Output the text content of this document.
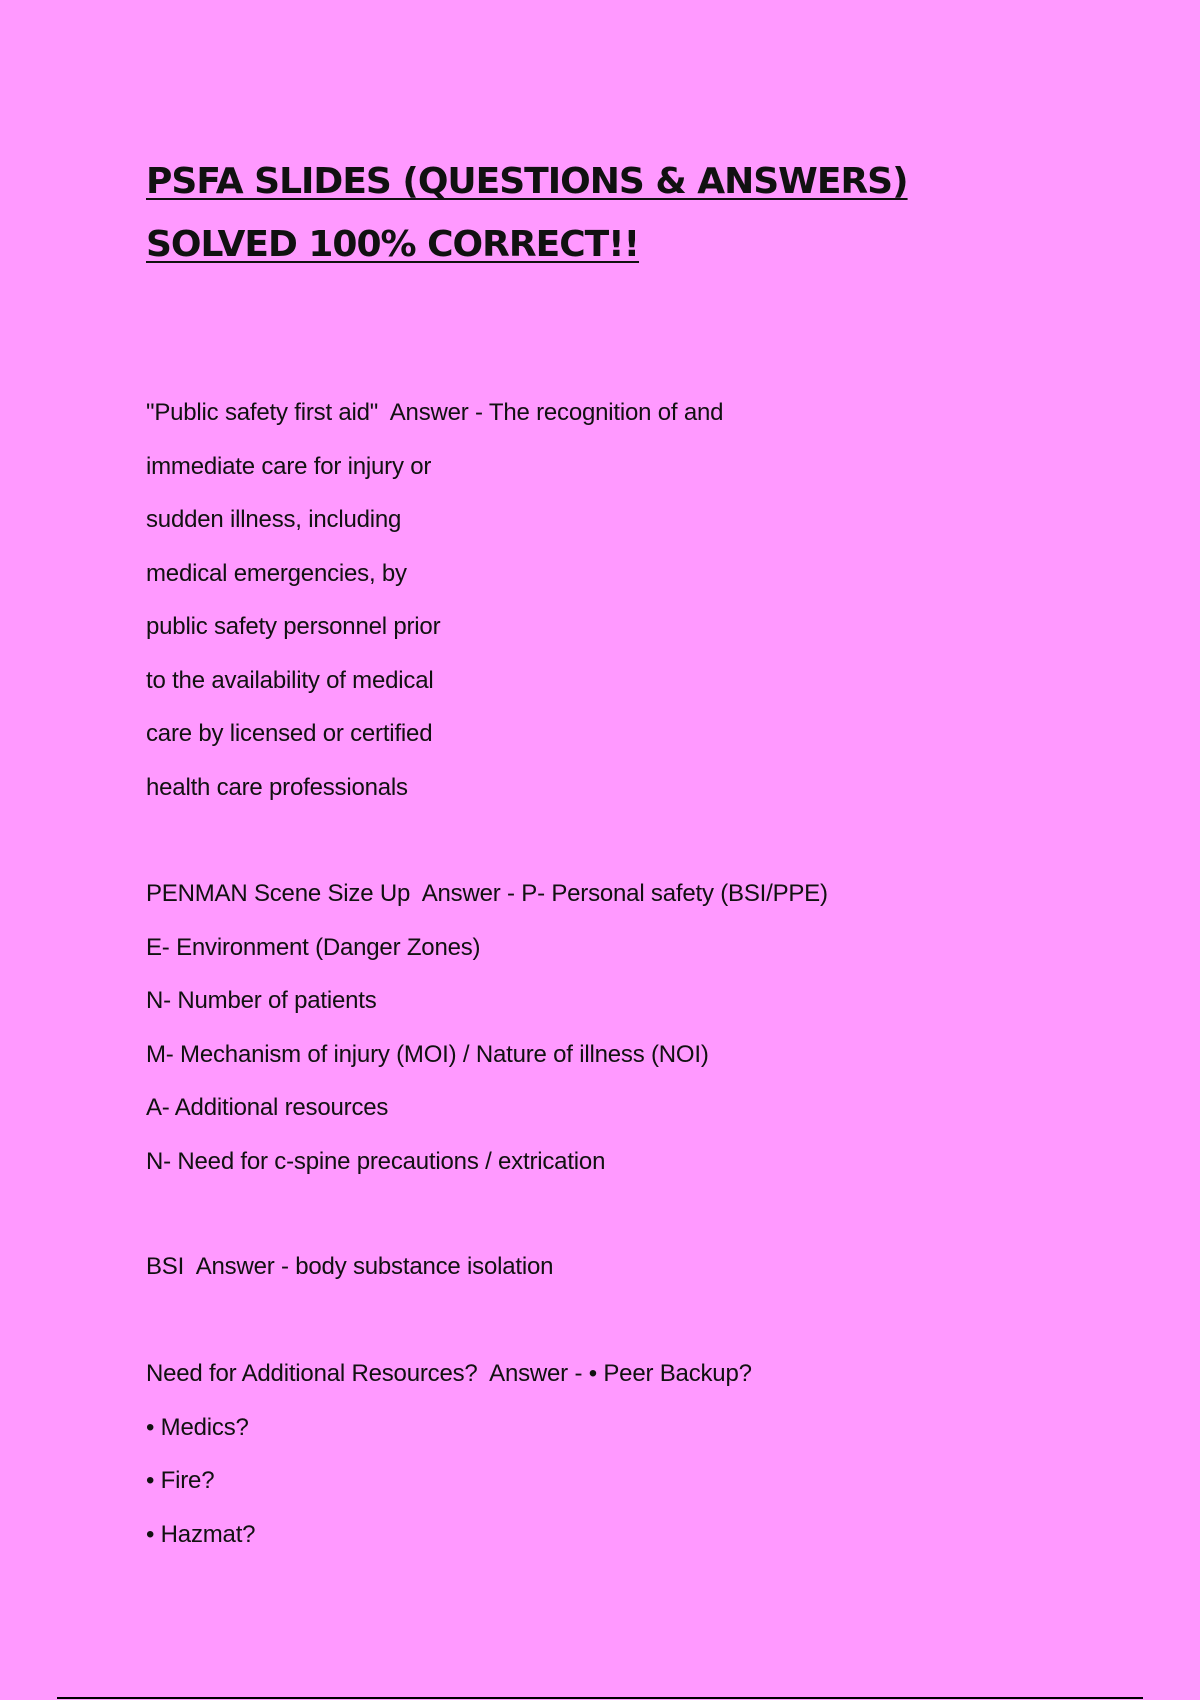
PSFA SLIDES (QUESTIONS & ANSWERS)
SOLVED 100% CORRECT!!
"Public safety first aid"  Answer - The recognition of and
immediate care for injury or
sudden illness, including
medical emergencies, by
public safety personnel prior
to the availability of medical
care by licensed or certified
health care professionals
PENMAN Scene Size Up  Answer - P- Personal safety (BSI/PPE)
E- Environment (Danger Zones)
N- Number of patients
M- Mechanism of injury (MOI) / Nature of illness (NOI)
A- Additional resources
N- Need for c-spine precautions / extrication
BSI  Answer - body substance isolation
Need for Additional Resources?  Answer - • Peer Backup?
• Medics?
• Fire?
• Hazmat?
